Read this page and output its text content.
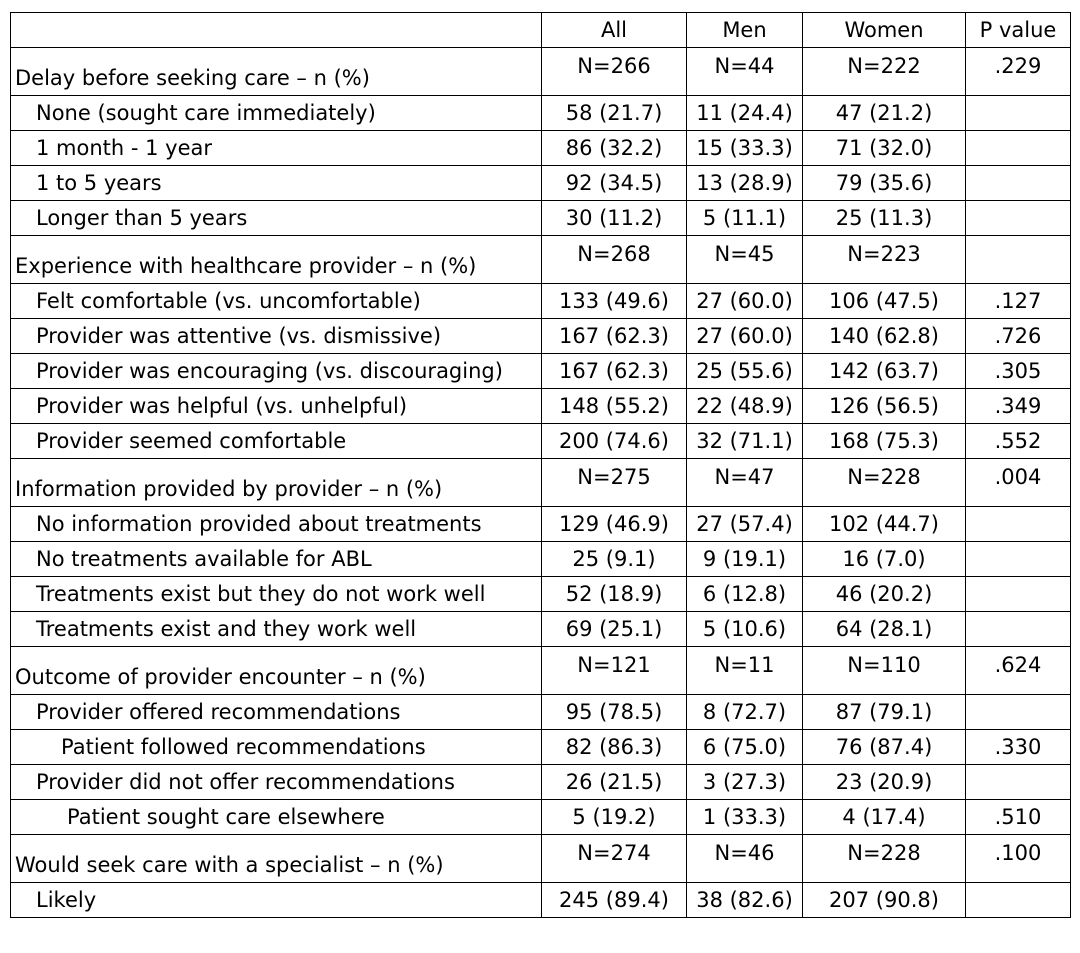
	All	Men	Women	P value
Delay before seeking care – n (%)	N=266	N=44	N=222	.229
None (sought care immediately)	58 (21.7)	11 (24.4)	47 (21.2)	
1 month - 1 year	86 (32.2)	15 (33.3)	71 (32.0)	
1 to 5 years	92 (34.5)	13 (28.9)	79 (35.6)	
Longer than 5 years	30 (11.2)	5 (11.1)	25 (11.3)	
Experience with healthcare provider – n (%)	N=268	N=45	N=223	
Felt comfortable (vs. uncomfortable)	133 (49.6)	27 (60.0)	106 (47.5)	.127
Provider was attentive (vs. dismissive)	167 (62.3)	27 (60.0)	140 (62.8)	.726
Provider was encouraging (vs. discouraging)	167 (62.3)	25 (55.6)	142 (63.7)	.305
Provider was helpful (vs. unhelpful)	148 (55.2)	22 (48.9)	126 (56.5)	.349
Provider seemed comfortable	200 (74.6)	32 (71.1)	168 (75.3)	.552
Information provided by provider – n (%)	N=275	N=47	N=228	.004
No information provided about treatments	129 (46.9)	27 (57.4)	102 (44.7)	
No treatments available for ABL	25 (9.1)	9 (19.1)	16 (7.0)	
Treatments exist but they do not work well	52 (18.9)	6 (12.8)	46 (20.2)	
Treatments exist and they work well	69 (25.1)	5 (10.6)	64 (28.1)	
Outcome of provider encounter – n (%)	N=121	N=11	N=110	.624
Provider offered recommendations	95 (78.5)	8 (72.7)	87 (79.1)	
Patient followed recommendations	82 (86.3)	6 (75.0)	76 (87.4)	.330
Provider did not offer recommendations	26 (21.5)	3 (27.3)	23 (20.9)	
Patient sought care elsewhere	5 (19.2)	1 (33.3)	4 (17.4)	.510
Would seek care with a specialist – n (%)	N=274	N=46	N=228	.100
Likely	245 (89.4)	38 (82.6)	207 (90.8)	
